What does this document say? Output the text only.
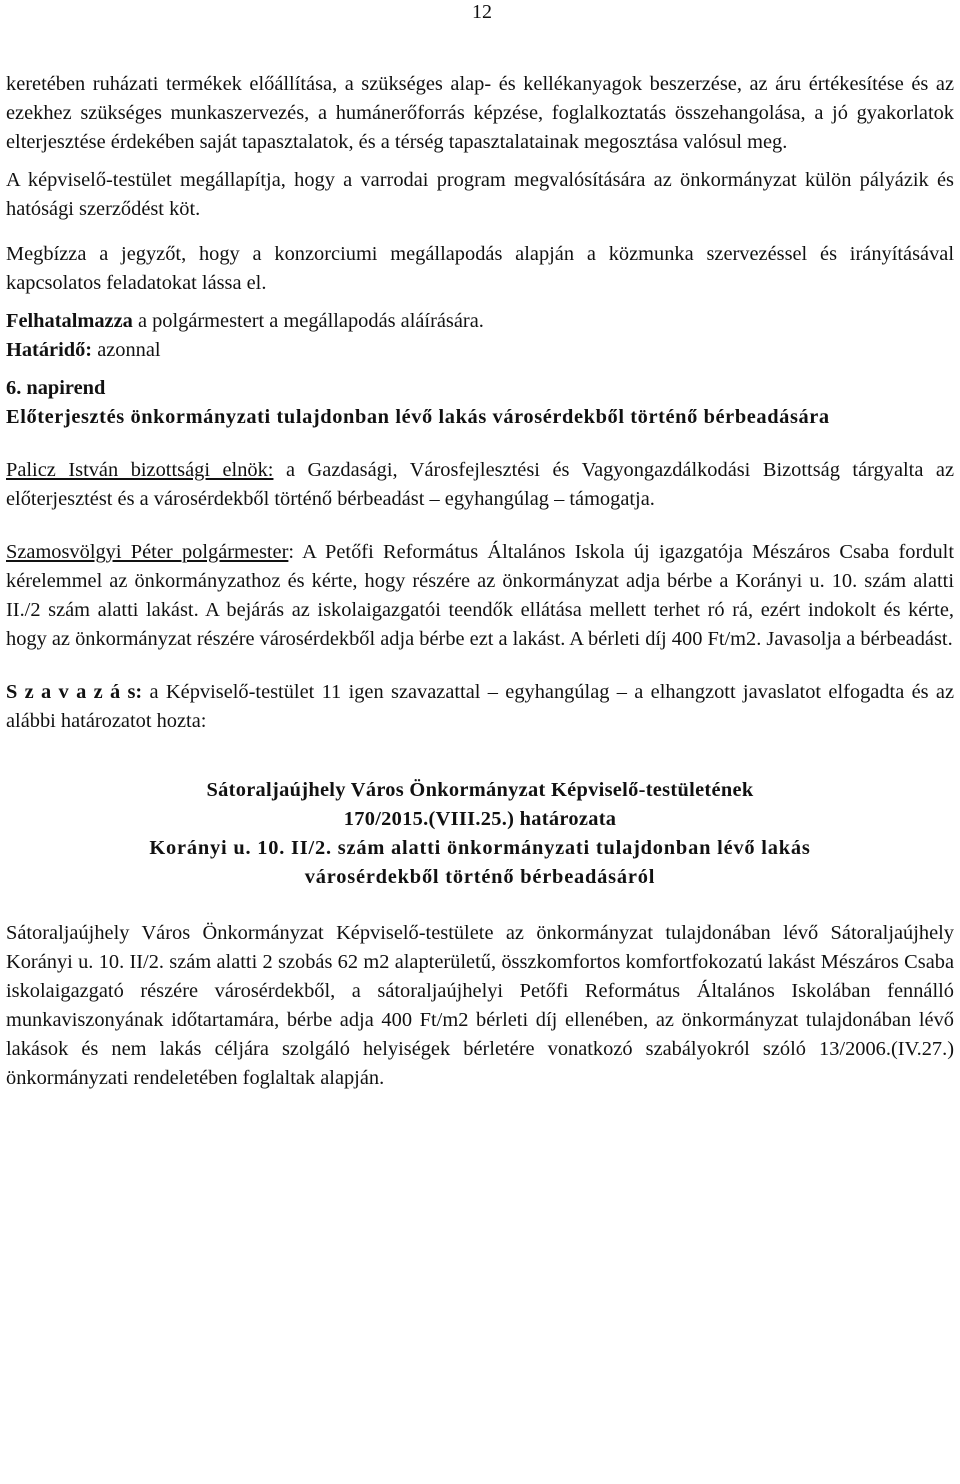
12

keretében ruházati termékek előállítása, a szükséges alap- és kellékanyagok beszerzése, az áru értékesítése és az ezekhez szükséges munkaszervezés, a humánerőforrás képzése, foglalkoztatás összehangolása, a jó gyakorlatok elterjesztése érdekében saját tapasztalatok, és a térség tapasztalatainak megosztása valósul meg.

A képviselő-testület megállapítja, hogy a varrodai program megvalósítására az önkormányzat külön pályázik és hatósági szerződést köt.

Megbízza a jegyzőt, hogy a konzorciumi megállapodás alapján a közmunka szervezéssel és irányításával kapcsolatos feladatokat lássa el.

Felhatalmazza a polgármestert a megállapodás aláírására.

Határidő: azonnal

6. napirend

Előterjesztés önkormányzati tulajdonban lévő lakás városérdekből történő bérbeadására

Palicz István bizottsági elnök: a Gazdasági, Városfejlesztési és Vagyongazdálkodási Bizottság tárgyalta az előterjesztést és a városérdekből történő bérbeadást – egyhangúlag – támogatja.

Szamosvölgyi Péter polgármester: A Petőfi Református Általános Iskola új igazgatója Mészáros Csaba fordult kérelemmel az önkormányzathoz és kérte, hogy részére az önkormányzat adja bérbe a Korányi u. 10. szám alatti II./2 szám alatti lakást. A bejárás az iskolaigazgatói teendők ellátása mellett terhet ró rá, ezért indokolt és kérte, hogy az önkormányzat részére városérdekből adja bérbe ezt a lakást. A bérleti díj 400 Ft/m2. Javasolja a bérbeadást.

S z a v a z á s: a Képviselő-testület 11 igen szavazattal – egyhangúlag – a elhangzott javaslatot elfogadta és az alábbi határozatot hozta:

Sátoraljaújhely Város Önkormányzat Képviselő-testületének

170/2015.(VIII.25.) határozata

Korányi u. 10. II/2. szám alatti önkormányzati tulajdonban lévő lakás

városérdekből történő bérbeadásáról

Sátoraljaújhely Város Önkormányzat Képviselő-testülete az önkormányzat tulajdonában lévő Sátoraljaújhely Korányi u. 10. II/2. szám alatti 2 szobás 62 m2 alapterületű, összkomfortos komfortfokozatú lakást Mészáros Csaba iskolaigazgató részére városérdekből, a sátoraljaújhelyi Petőfi Református Általános Iskolában fennálló munkaviszonyának időtartamára, bérbe adja 400 Ft/m2 bérleti díj ellenében, az önkormányzat tulajdonában lévő lakások és nem lakás céljára szolgáló helyiségek bérletére vonatkozó szabályokról szóló 13/2006.(IV.27.) önkormányzati rendeletében foglaltak alapján.
